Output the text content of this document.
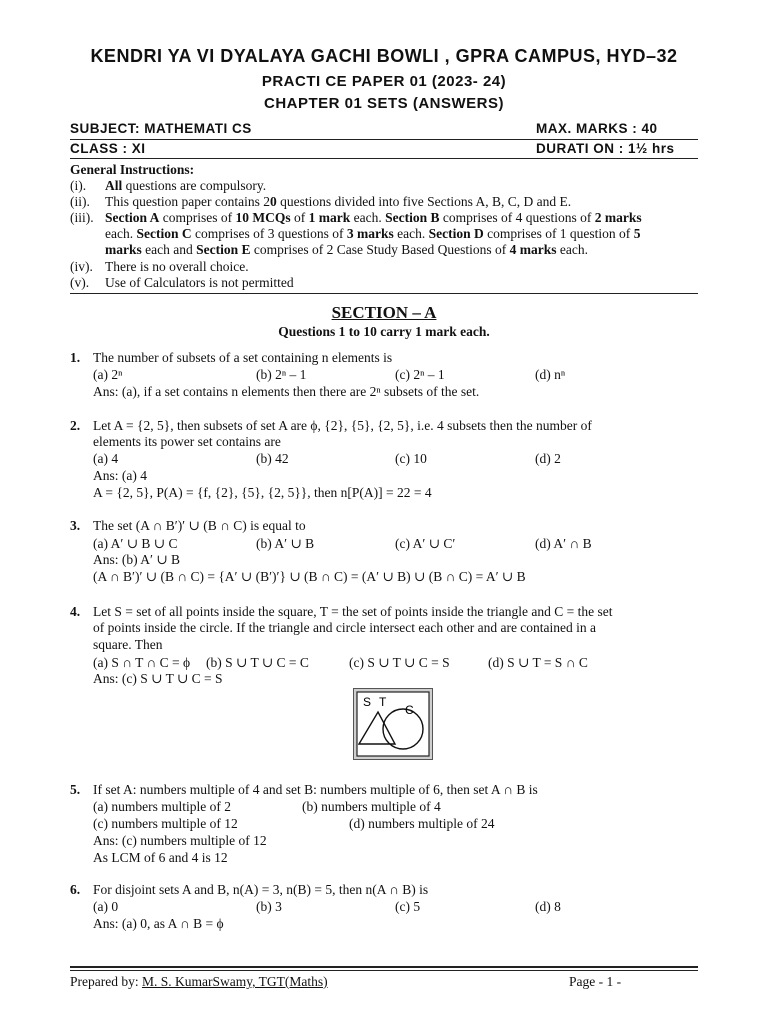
KENDRI YA VI DYALAYA GACHI BOWLI , GPRA CAMPUS, HYD–32
PRACTI CE PAPER 01 (2023- 24)
CHAPTER 01 SETS (ANSWERS)
SUBJECT: MATHEMATI CS	MAX. MARKS : 40
CLASS : XI	DURATI ON : 1½ hrs
General Instructions:
(i). All questions are compulsory.
(ii). This question paper contains 20 questions divided into five Sections A, B, C, D and E.
(iii). Section A comprises of 10 MCQs of 1 mark each. Section B comprises of 4 questions of 2 marks
each. Section C comprises of 3 questions of 3 marks each. Section D comprises of 1 question of 5
marks each and Section E comprises of 2 Case Study Based Questions of 4 marks each.
(iv). There is no overall choice.
(v). Use of Calculators is not permitted
SECTION – A
Questions 1 to 10 carry 1 mark each.
1. The number of subsets of a set containing n elements is
(a) 2ⁿ	(b) 2ⁿ – 1	(c) 2ⁿ – 1	(d) nⁿ
Ans: (a), if a set contains n elements then there are 2ⁿ subsets of the set.
2. Let A = {2, 5}, then subsets of set A are ϕ, {2}, {5}, {2, 5}, i.e. 4 subsets then the number of
elements its power set contains are
(a) 4	(b) 42	(c) 10	(d) 2
Ans: (a) 4
A = {2, 5}, P(A) = {f, {2}, {5}, {2, 5}}, then n[P(A)] = 22 = 4
3. The set (A ∩ B′)′ ∪ (B ∩ C) is equal to
(a) A′ ∪ B ∪ C	(b) A′ ∪ B	(c) A′ ∪ C′	(d) A′ ∩ B
Ans: (b) A′ ∪ B
(A ∩ B′)′ ∪ (B ∩ C) = {A′ ∪ (B′)′} ∪ (B ∩ C) = (A′ ∪ B) ∪ (B ∩ C) = A′ ∪ B
4. Let S = set of all points inside the square, T = the set of points inside the triangle and C = the set
of points inside the circle. If the triangle and circle intersect each other and are contained in a
square. Then
(a) S ∩ T ∩ C = ϕ (b) S ∪ T ∪ C = C	(c) S ∪ T ∪ C = S	(d) S ∪ T = S ∩ C
Ans: (c) S ∪ T ∪ C = S
S T
C
5. If set A: numbers multiple of 4 and set B: numbers multiple of 6, then set A ∩ B is
(a) numbers multiple of 2	(b) numbers multiple of 4
(c) numbers multiple of 12	(d) numbers multiple of 24
Ans: (c) numbers multiple of 12
As LCM of 6 and 4 is 12
6. For disjoint sets A and B, n(A) = 3, n(B) = 5, then n(A ∩ B) is
(a) 0	(b) 3	(c) 5	(d) 8
Ans: (a) 0, as A ∩ B = ϕ
Prepared by: M. S. KumarSwamy, TGT(Maths)	Page - 1 -
